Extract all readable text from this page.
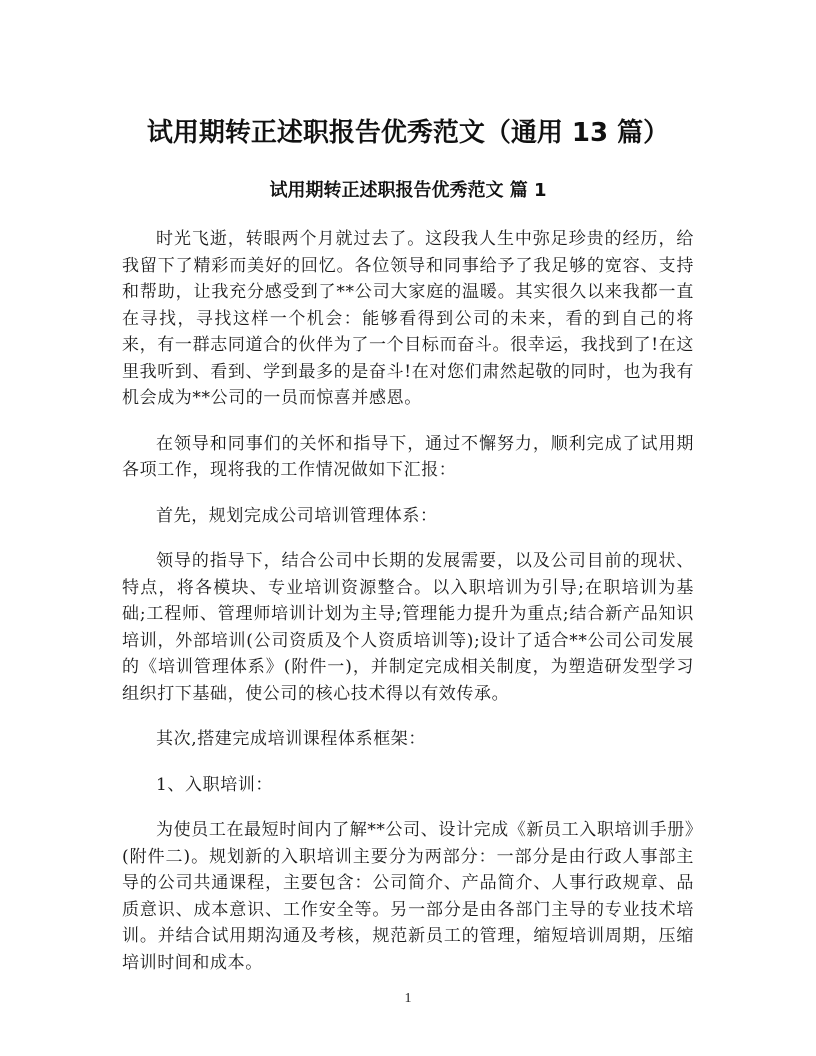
试用期转正述职报告优秀范文（通用 13 篇）
试用期转正述职报告优秀范文 篇 1

时光飞逝，转眼两个月就过去了。这段我人生中弥足珍贵的经历，给我留下了精彩而美好的回忆。各位领导和同事给予了我足够的宽容、支持和帮助，让我充分感受到了**公司大家庭的温暖。其实很久以来我都一直在寻找，寻找这样一个机会：能够看得到公司的未来，看的到自己的将来，有一群志同道合的伙伴为了一个目标而奋斗。很幸运，我找到了!在这里我听到、看到、学到最多的是奋斗!在对您们肃然起敬的同时，也为我有机会成为**公司的一员而惊喜并感恩。

在领导和同事们的关怀和指导下，通过不懈努力，顺利完成了试用期各项工作，现将我的工作情况做如下汇报：

首先，规划完成公司培训管理体系：

领导的指导下，结合公司中长期的发展需要，以及公司目前的现状、特点，将各模块、专业培训资源整合。以入职培训为引导;在职培训为基础;工程师、管理师培训计划为主导;管理能力提升为重点;结合新产品知识培训，外部培训(公司资质及个人资质培训等);设计了适合**公司公司发展的《培训管理体系》(附件一)，并制定完成相关制度，为塑造研发型学习组织打下基础，使公司的核心技术得以有效传承。

其次,搭建完成培训课程体系框架：

1、入职培训：

为使员工在最短时间内了解**公司、设计完成《新员工入职培训手册》(附件二)。规划新的入职培训主要分为两部分：一部分是由行政人事部主导的公司共通课程，主要包含：公司简介、产品简介、人事行政规章、品质意识、成本意识、工作安全等。另一部分是由各部门主导的专业技术培训。并结合试用期沟通及考核，规范新员工的管理，缩短培训周期，压缩培训时间和成本。

1
